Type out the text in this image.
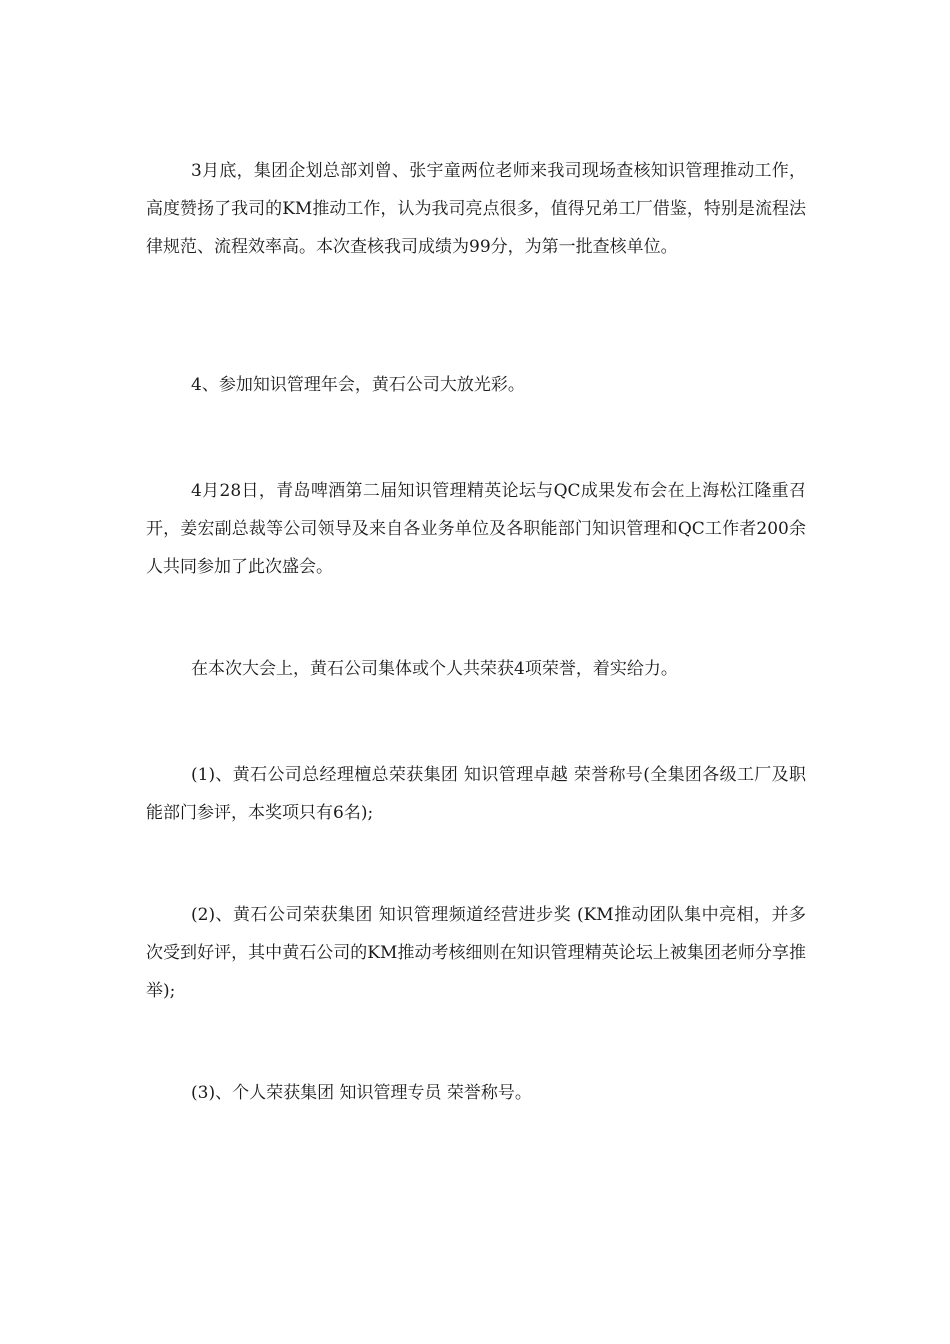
3月底，集团企划总部刘曾、张宇童两位老师来我司现场查核知识管理推动工作，高度赞扬了我司的KM推动工作，认为我司亮点很多，值得兄弟工厂借鉴，特别是流程法律规范、流程效率高。本次查核我司成绩为99分，为第一批查核单位。

4、参加知识管理年会，黄石公司大放光彩。

4月28日，青岛啤酒第二届知识管理精英论坛与QC成果发布会在上海松江隆重召开，姜宏副总裁等公司领导及来自各业务单位及各职能部门知识管理和QC工作者200余人共同参加了此次盛会。

在本次大会上，黄石公司集体或个人共荣获4项荣誉，着实给力。

(1)、黄石公司总经理檀总荣获集团 知识管理卓越 荣誉称号(全集团各级工厂及职能部门参评，本奖项只有6名);

(2)、黄石公司荣获集团 知识管理频道经营进步奖 (KM推动团队集中亮相，并多次受到好评，其中黄石公司的KM推动考核细则在知识管理精英论坛上被集团老师分享推举);

(3)、个人荣获集团 知识管理专员 荣誉称号。
